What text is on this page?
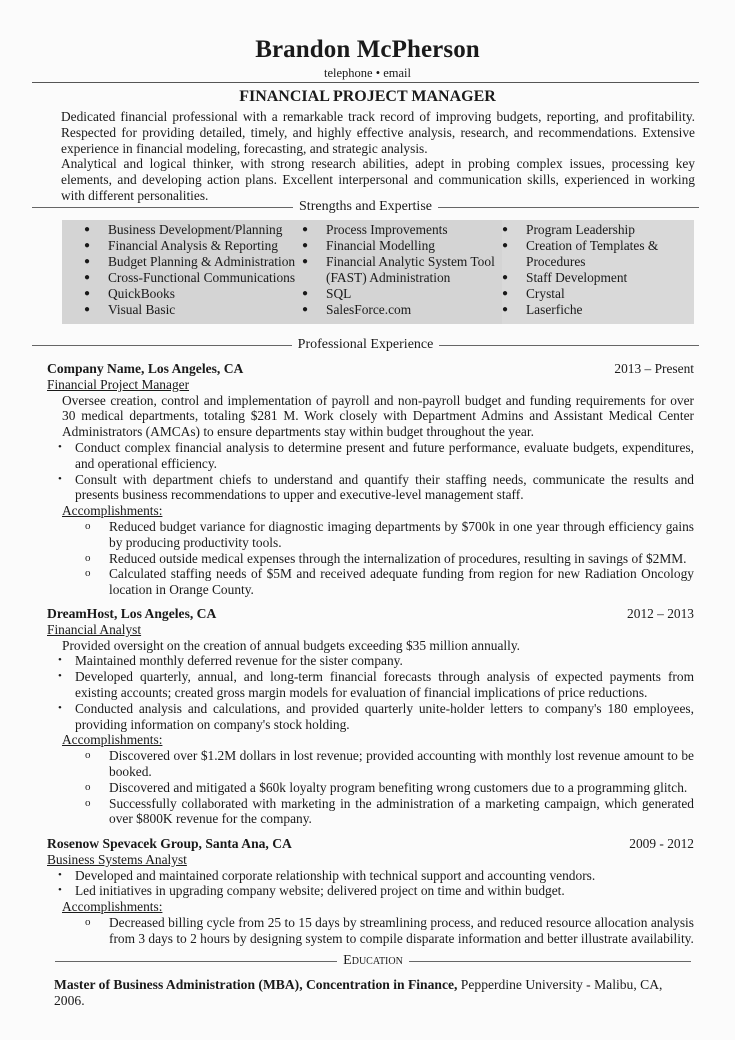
Brandon McPherson
telephone • email
FINANCIAL PROJECT MANAGER

Dedicated financial professional with a remarkable track record of improving budgets, reporting, and profitability. Respected for providing detailed, timely, and highly effective analysis, research, and recommendations. Extensive experience in financial modeling, forecasting, and strategic analysis.

Analytical and logical thinker, with strong research abilities, adept in probing complex issues, processing key elements, and developing action plans. Excellent interpersonal and communication skills, experienced in working with different personalities.

Strengths and Expertise
●	Business Development/Planning
●	Financial Analysis & Reporting
●	Budget Planning & Administration
●	Cross-Functional Communications
●	QuickBooks
●	Visual Basic
●	Process Improvements
●	Financial Modelling
●	Financial Analytic System Tool (FAST) Administration
●	SQL
●	SalesForce.com
●	Program Leadership
●	Creation of Templates & Procedures
●	Staff Development
●	Crystal
●	Laserfiche
Professional Experience
Company Name, Los Angeles, CA	2013 – Present
Financial Project Manager
Oversee creation, control and implementation of payroll and non-payroll budget and funding requirements for over 30 medical departments, totaling $281 M. Work closely with Department Admins and Assistant Medical Center Administrators (AMCAs) to ensure departments stay within budget throughout the year.
• Conduct complex financial analysis to determine present and future performance, evaluate budgets, expenditures, and operational efficiency.
• Consult with department chiefs to understand and quantify their staffing needs, communicate the results and presents business recommendations to upper and executive-level management staff.
Accomplishments:
o	Reduced budget variance for diagnostic imaging departments by $700k in one year through efficiency gains by producing productivity tools.
o	Reduced outside medical expenses through the internalization of procedures, resulting in savings of $2MM.
o	Calculated staffing needs of $5M and received adequate funding from region for new Radiation Oncology location in Orange County.
DreamHost, Los Angeles, CA	2012 – 2013
Financial Analyst
Provided oversight on the creation of annual budgets exceeding $35 million annually.
• Maintained monthly deferred revenue for the sister company.
• Developed quarterly, annual, and long-term financial forecasts through analysis of expected payments from existing accounts; created gross margin models for evaluation of financial implications of price reductions.
• Conducted analysis and calculations, and provided quarterly unite-holder letters to company's 180 employees, providing information on company's stock holding.
Accomplishments:
o	Discovered over $1.2M dollars in lost revenue; provided accounting with monthly lost revenue amount to be booked.
o	Discovered and mitigated a $60k loyalty program benefiting wrong customers due to a programming glitch.
o	Successfully collaborated with marketing in the administration of a marketing campaign, which generated over $800K revenue for the company.
Rosenow Spevacek Group, Santa Ana, CA	2009 - 2012
Business Systems Analyst
• Developed and maintained corporate relationship with technical support and accounting vendors.
• Led initiatives in upgrading company website; delivered project on time and within budget.
Accomplishments:
o	Decreased billing cycle from 25 to 15 days by streamlining process, and reduced resource allocation analysis from 3 days to 2 hours by designing system to compile disparate information and better illustrate availability.
Education
Master of Business Administration (MBA), Concentration in Finance, Pepperdine University - Malibu, CA, 2006.
